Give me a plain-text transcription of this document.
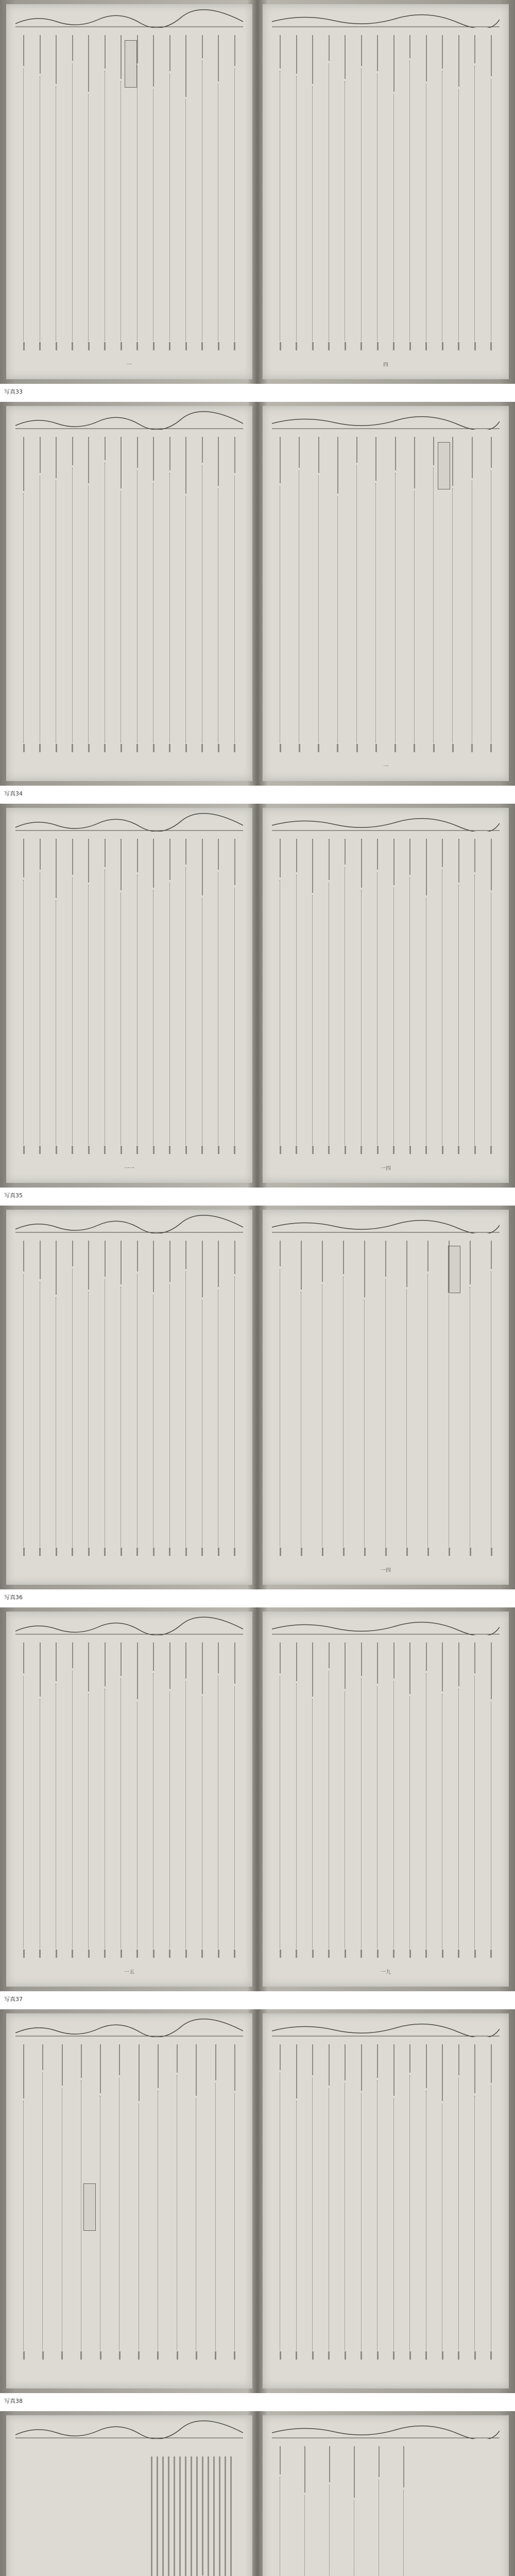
一	四
写真33
一
写真34
一一	一四
写真35
一四
写真36
一五	一九
写真37
写真38
